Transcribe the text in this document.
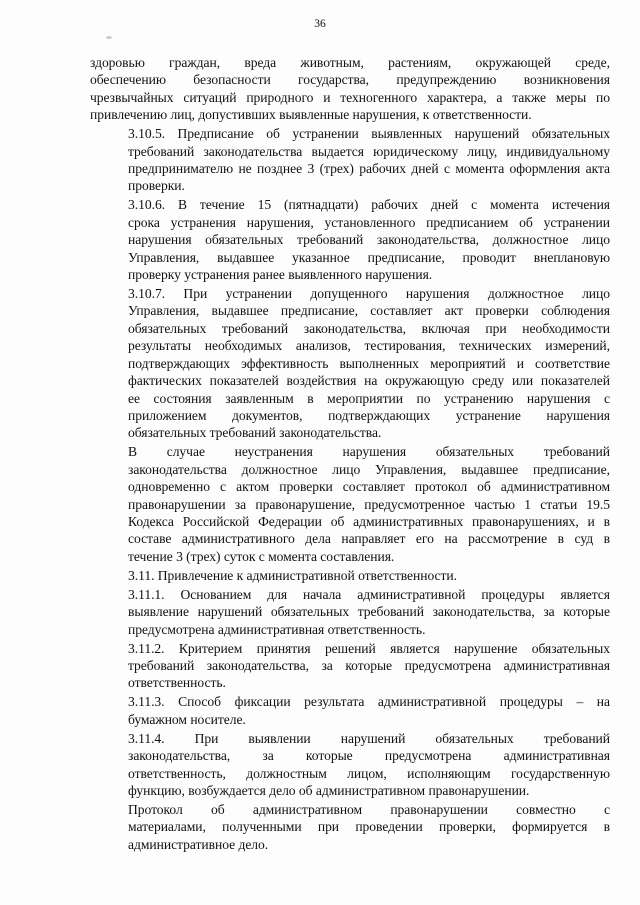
36

здоровью граждан, вреда животным, растениям, окружающей среде,
обеспечению безопасности государства, предупреждению возникновения
чрезвычайных ситуаций природного и техногенного характера, а также меры по
привлечению лиц, допустивших выявленные нарушения, к ответственности.

3.10.5. Предписание об устранении выявленных нарушений обязательных
требований законодательства выдается юридическому лицу, индивидуальному
предпринимателю не позднее 3 (трех) рабочих дней с момента оформления акта
проверки.

3.10.6. В течение 15 (пятнадцати) рабочих дней с момента истечения
срока устранения нарушения, установленного предписанием об устранении
нарушения обязательных требований законодательства, должностное лицо
Управления, выдавшее указанное предписание, проводит внеплановую
проверку устранения ранее выявленного нарушения.

3.10.7. При устранении допущенного нарушения должностное лицо
Управления, выдавшее предписание, составляет акт проверки соблюдения
обязательных требований законодательства, включая при необходимости
результаты необходимых анализов, тестирования, технических измерений,
подтверждающих эффективность выполненных мероприятий и соответствие
фактических показателей воздействия на окружающую среду или показателей
ее состояния заявленным в мероприятии по устранению нарушения с
приложением документов, подтверждающих устранение нарушения
обязательных требований законодательства.

В случае неустранения нарушения обязательных требований
законодательства должностное лицо Управления, выдавшее предписание,
одновременно с актом проверки составляет протокол об административном
правонарушении за правонарушение, предусмотренное частью 1 статьи 19.5
Кодекса Российской Федерации об административных правонарушениях, и в
составе административного дела направляет его на рассмотрение в суд в
течение 3 (трех) суток с момента составления.

3.11. Привлечение к административной ответственности.

3.11.1. Основанием для начала административной процедуры является
выявление нарушений обязательных требований законодательства, за которые
предусмотрена административная ответственность.

3.11.2. Критерием принятия решений является нарушение обязательных
требований законодательства, за которые предусмотрена административная
ответственность.

3.11.3. Способ фиксации результата административной процедуры – на
бумажном носителе.

3.11.4. При выявлении нарушений обязательных требований
законодательства, за которые предусмотрена административная
ответственность, должностным лицом, исполняющим государственную
функцию, возбуждается дело об административном правонарушении.

Протокол об административном правонарушении совместно с
материалами, полученными при проведении проверки, формируется в
административное дело.
